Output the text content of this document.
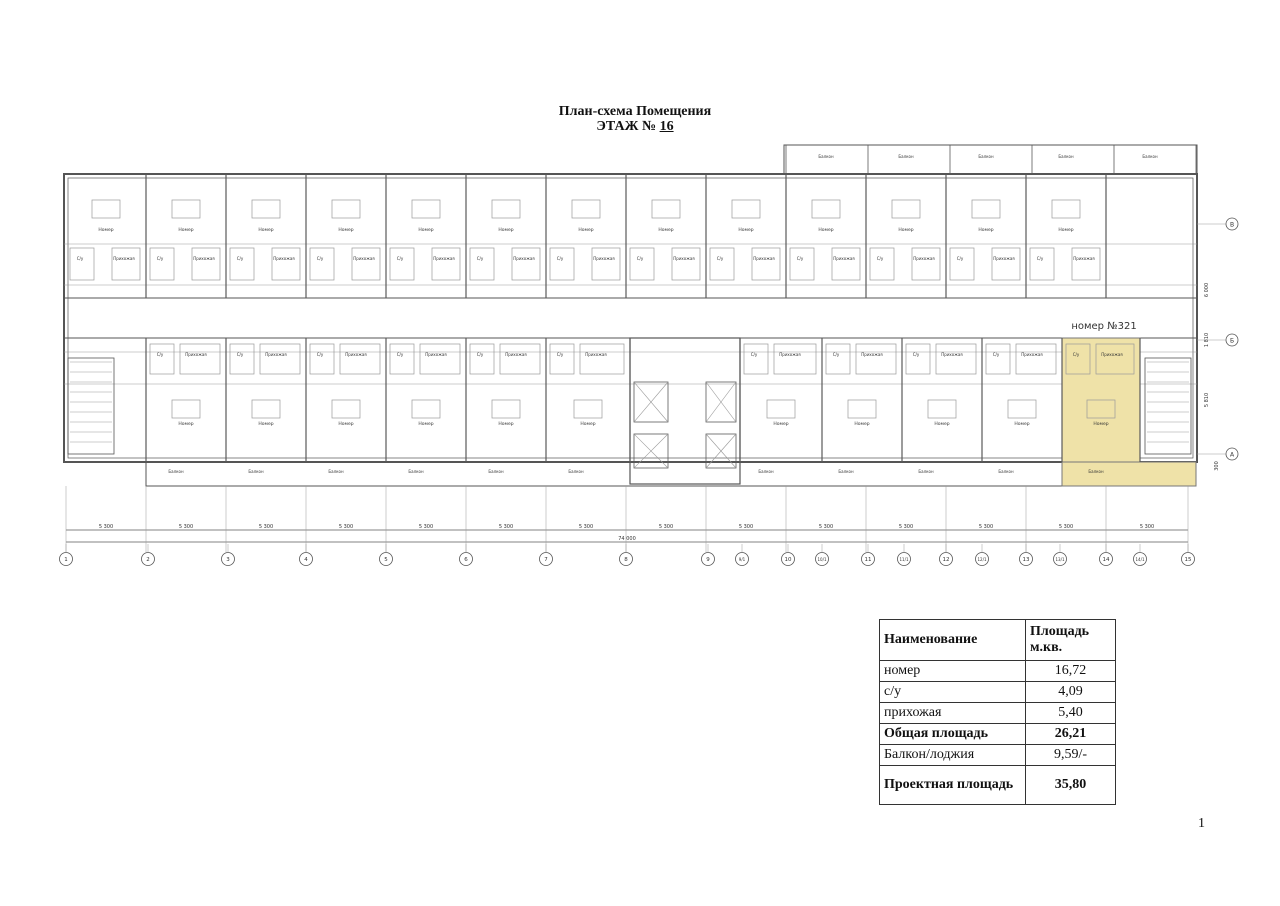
План-схема Помещения
ЭТАЖ № 16
Номер
С/у	Прихожая
Номер
С/у	Прихожая
Номер
С/у	Прихожая
Номер
С/у	Прихожая
Номер
С/у	Прихожая
Номер
С/у	Прихожая
Номер
С/у	Прихожая
Номер
С/у	Прихожая
Номер
С/у	Прихожая
Номер
С/у	Прихожая
Номер
С/у	Прихожая
Номер
С/у	Прихожая
Номер
С/у	Прихожая
Номер
С/у	Прихожая
Номер
С/у	Прихожая
Номер
С/у	Прихожая
Номер
С/у	Прихожая
Номер
С/у	Прихожая
Номер
С/у	Прихожая
Номер
С/у	Прихожая
Номер
С/у	Прихожая
Номер
С/у	Прихожая
Номер
С/у	Прихожая
Номер
С/у	Прихожая
Балкон	Балкон	Балкон	Балкон	Балкон	Балкон	Балкон	Балкон	Балкон	Балкон	Балкон
Балкон	Балкон	Балкон	Балкон	Балкон
номер №321
В
Б
А
6 000
1 810
5 810
300
5 300	5 300	5 300	5 300	5 300	5 300	5 300	5 300	5 300	5 300	5 300	5 300	5 300	5 300
74 000
1	2	3	4	5	6	7	8	9	9/1	10	10/1	11	11/1	12	12/1	13	13/1	14	14/1	15
Наименование	Площадь м.кв.
номер	16,72
с/у	4,09
прихожая	5,40
Общая площадь	26,21
Балкон/лоджия	9,59/-
Проектная площадь	35,80
1
